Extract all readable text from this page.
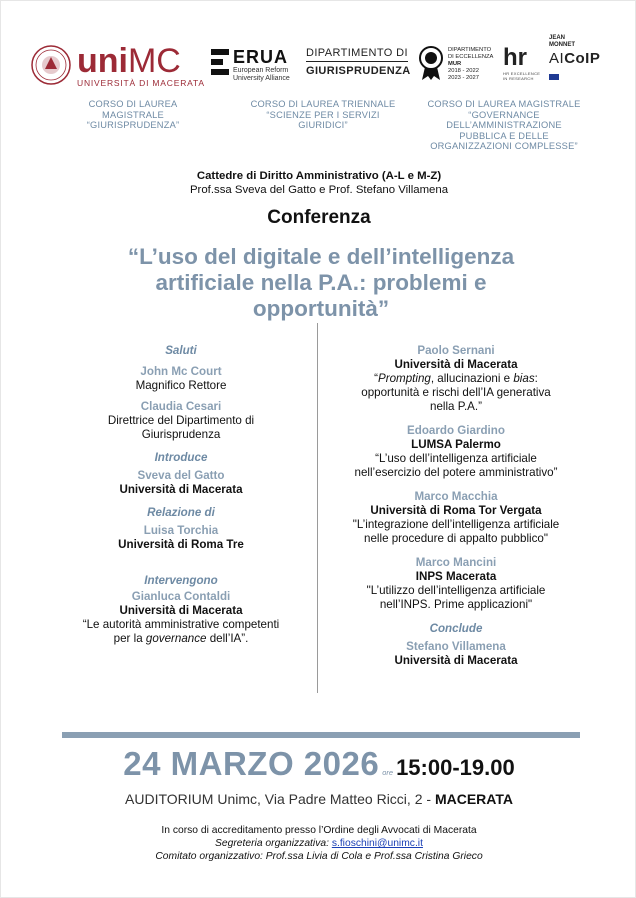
uniMC
UNIVERSITÀ DI MACERATA
ERUA
European Reform University Alliance
DIPARTIMENTO DI
GIURISPRUDENZA
DIPARTIMENTO
DI ECCELLENZA
MUR
2018 - 2022
2023 - 2027
hr
HR EXCELLENCE IN RESEARCH
JEAN
MONNET
AICoIP
CORSO DI LAUREA
MAGISTRALE
“GIURISPRUDENZA”
CORSO DI LAUREA TRIENNALE
“SCIENZE PER I SERVIZI
GIURIDICI”
CORSO DI LAUREA MAGISTRALE
“GOVERNANCE
DELL’AMMINISTRAZIONE
PUBBLICA E DELLE
ORGANIZZAZIONI COMPLESSE”
Cattedre di Diritto Amministrativo (A-L e M-Z)
Prof.ssa Sveva del Gatto e Prof. Stefano Villamena
Conferenza
“L’uso del digitale e dell’intelligenza
artificiale nella P.A.: problemi e
opportunità”
Saluti
John Mc Court
Magnifico Rettore
Claudia Cesari
Direttrice del Dipartimento di
Giurisprudenza
Introduce
Sveva del Gatto
Università di Macerata
Relazione di
Luisa Torchia
Università di Roma Tre
Intervengono
Gianluca Contaldi
Università di Macerata
“Le autorità amministrative competenti
per la governance dell’IA”.
Paolo Sernani
Università di Macerata
“Prompting, allucinazioni e bias:
opportunità e rischi dell’IA generativa
nella P.A.”
Edoardo Giardino
LUMSA Palermo
“L’uso dell’intelligenza artificiale
nell’esercizio del potere amministrativo”
Marco Macchia
Università di Roma Tor Vergata
"L’integrazione dell’intelligenza artificiale
nelle procedure di appalto pubblico"
Marco Mancini
INPS Macerata
"L’utilizzo dell’intelligenza artificiale
nell’INPS. Prime applicazioni"
Conclude
Stefano Villamena
Università di Macerata
24 MARZO 2026 ore 15:00-19.00
AUDITORIUM Unimc, Via Padre Matteo Ricci, 2 - MACERATA
In corso di accreditamento presso l’Ordine degli Avvocati di Macerata
Segreteria organizzativa: s.fioschini@unimc.it
Comitato organizzativo: Prof.ssa Livia di Cola e Prof.ssa Cristina Grieco
